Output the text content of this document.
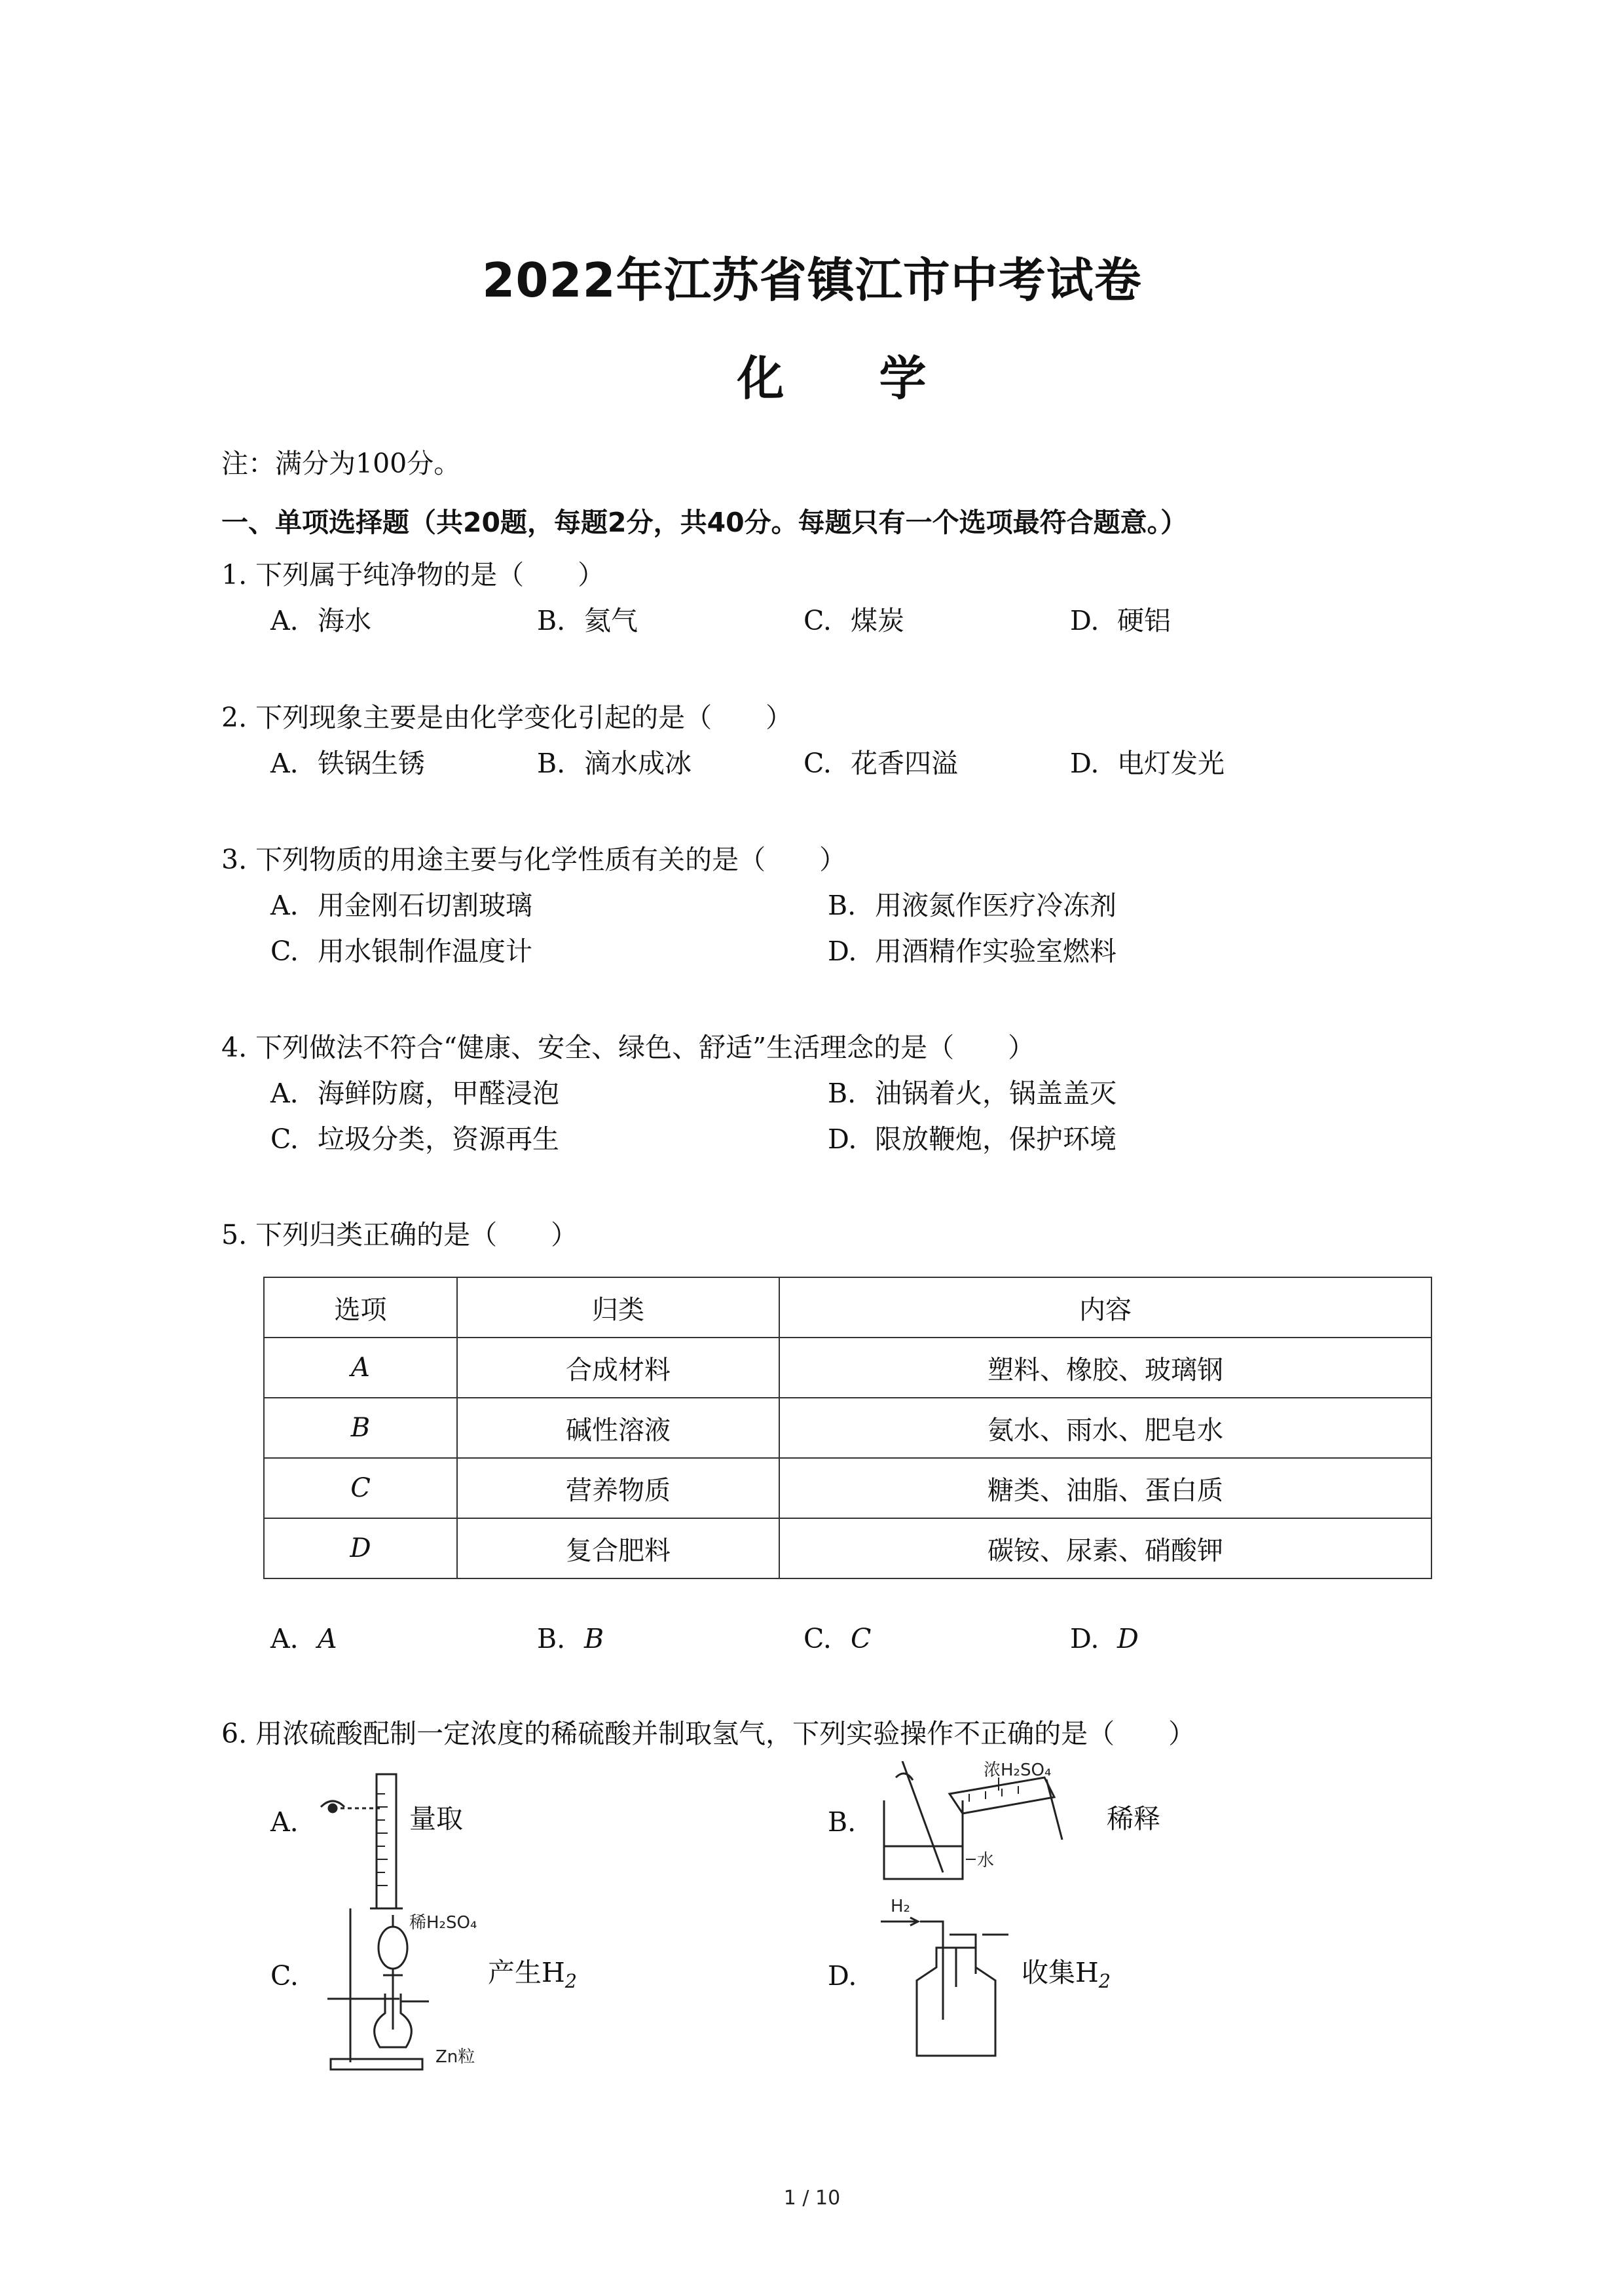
2022年江苏省镇江市中考试卷
化 学
注：满分为100分。
一、单项选择题（共20题，每题2分，共40分。每题只有一个选项最符合题意。）
1. 下列属于纯净物的是（　　）
A. 海水	B. 氦气	C. 煤炭	D. 硬铝
2. 下列现象主要是由化学变化引起的是（　　）
A. 铁锅生锈	B. 滴水成冰	C. 花香四溢	D. 电灯发光
3. 下列物质的用途主要与化学性质有关的是（　　）
A. 用金刚石切割玻璃	B. 用液氮作医疗冷冻剂
C. 用水银制作温度计	D. 用酒精作实验室燃料
4. 下列做法不符合“健康、安全、绿色、舒适”生活理念的是（　　）
A. 海鲜防腐，甲醛浸泡	B. 油锅着火，锅盖盖灭
C. 垃圾分类，资源再生	D. 限放鞭炮，保护环境
5. 下列归类正确的是（　　）
选项	归类	内容
A	合成材料	塑料、橡胶、玻璃钢
B	碱性溶液	氨水、雨水、肥皂水
C	营养物质	糖类、油脂、蛋白质
D	复合肥料	碳铵、尿素、硝酸钾
A. A	B. B	C. C	D. D
6. 用浓硫酸配制一定浓度的稀硫酸并制取氢气，下列实验操作不正确的是（　　）
A.	量取	B.
浓H₂SO₄
水
稀释
C.
稀H₂SO₄
Zn粒
产生$H_2$	D.
H₂
收集$H_2$
1 / 10
